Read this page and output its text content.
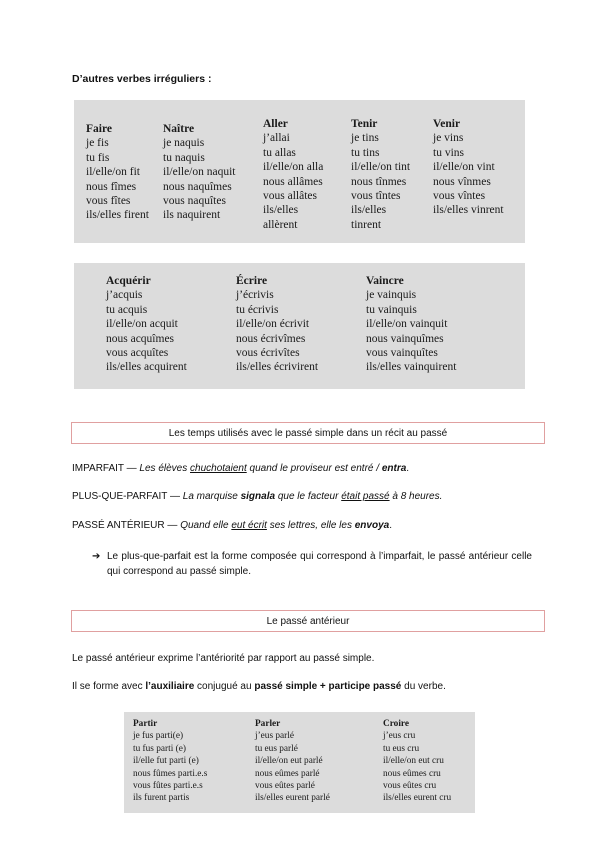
D’autres verbes irréguliers :
Faire
je fis
tu fis
il/elle/on fit
nous fîmes
vous fîtes
ils/elles firent
Naître
je naquis
tu naquis
il/elle/on naquit
nous naquîmes
vous naquîtes
ils naquirent
Aller
j’allai
tu allas
il/elle/on alla
nous allâmes
vous allâtes
ils/elles
allèrent
Tenir
je tins
tu tins
il/elle/on tint
nous tînmes
vous tîntes
ils/elles
tinrent
Venir
je vins
tu vins
il/elle/on vint
nous vînmes
vous vîntes
ils/elles vinrent
Acquérir
j’acquis
tu acquis
il/elle/on acquit
nous acquîmes
vous acquîtes
ils/elles acquirent
Écrire
j’écrivis
tu écrivis
il/elle/on écrivit
nous écrivîmes
vous écrivîtes
ils/elles écrivirent
Vaincre
je vainquis
tu vainquis
il/elle/on vainquit
nous vainquîmes
vous vainquîtes
ils/elles vainquirent
Les temps utilisés avec le passé simple dans un récit au passé
IMPARFAIT — Les élèves chuchotaient quand le proviseur est entré / entra.
PLUS-QUE-PARFAIT — La marquise signala que le facteur était passé à 8 heures.
PASSÉ ANTÉRIEUR — Quand elle eut écrit ses lettres, elle les envoya.
➔ Le plus-que-parfait est la forme composée qui correspond à l’imparfait, le passé antérieur celle qui correspond au passé simple.
Le passé antérieur
Le passé antérieur exprime l’antériorité par rapport au passé simple.
Il se forme avec l’auxiliaire conjugué au passé simple + participe passé du verbe.
Partir
je fus parti(e)
tu fus parti (e)
il/elle fut parti (e)
nous fûmes parti.e.s
vous fûtes parti.e.s
ils furent partis
Parler
j’eus parlé
tu eus parlé
il/elle/on eut parlé
nous eûmes parlé
vous eûtes parlé
ils/elles eurent parlé
Croire
j’eus cru
tu eus cru
il/elle/on eut cru
nous eûmes cru
vous eûtes cru
ils/elles eurent cru
